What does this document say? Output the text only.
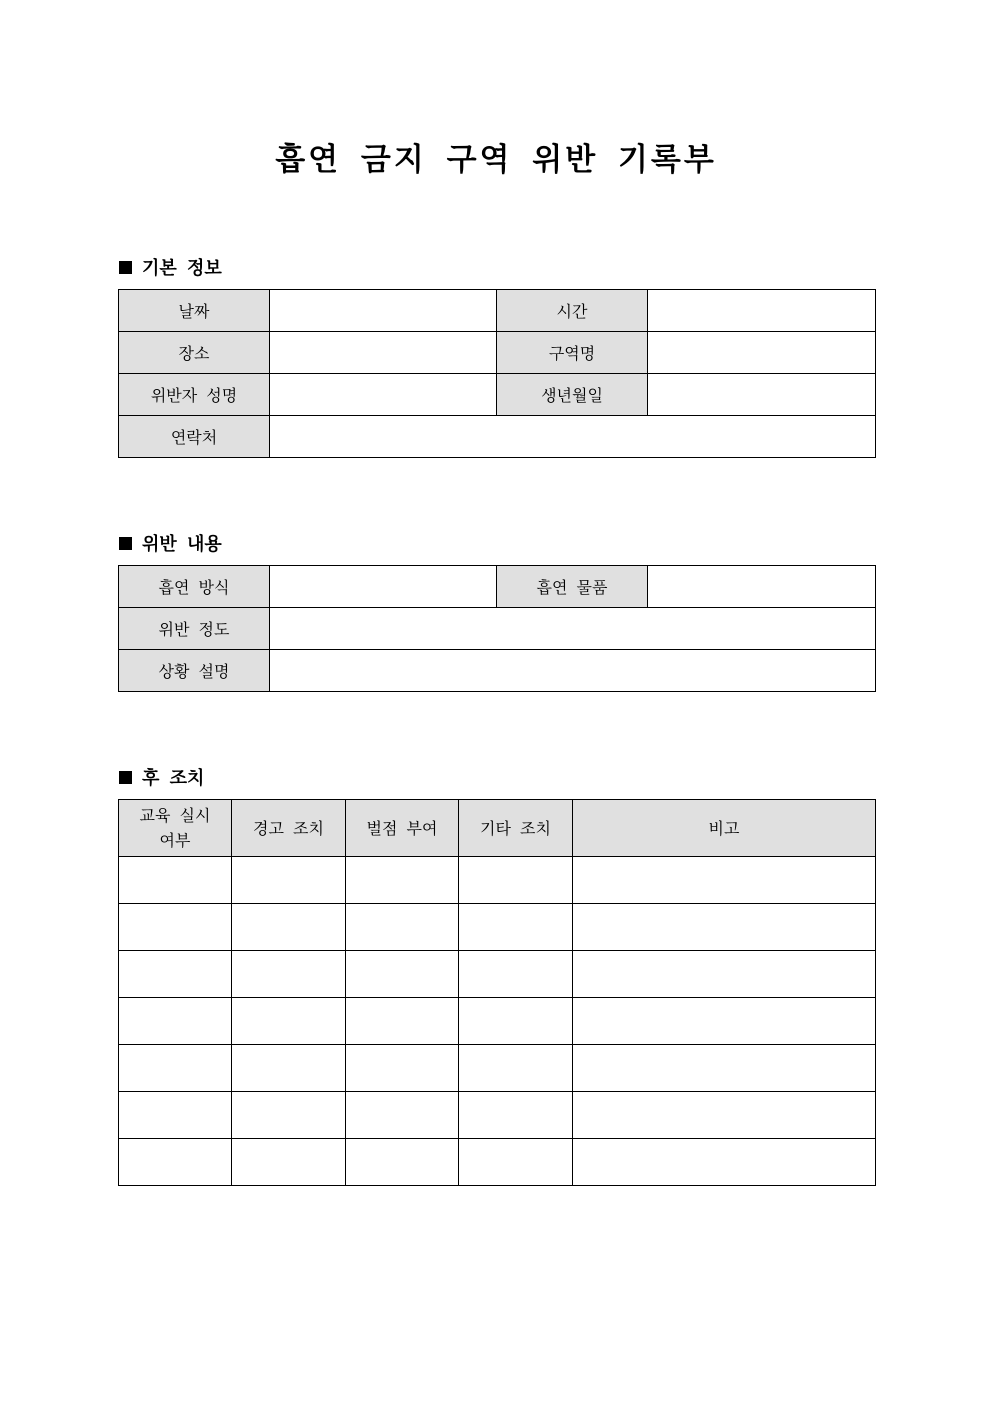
흡연 금지 구역 위반 기록부
기본 정보
날짜		시간	
장소		구역명	
위반자 성명		생년월일	
연락처			
위반 내용
흡연 방식		흡연 물품	
위반 정도			
상황 설명			
후 조치
교육 실시 여부	경고 조치	벌점 부여	기타 조치	비고
